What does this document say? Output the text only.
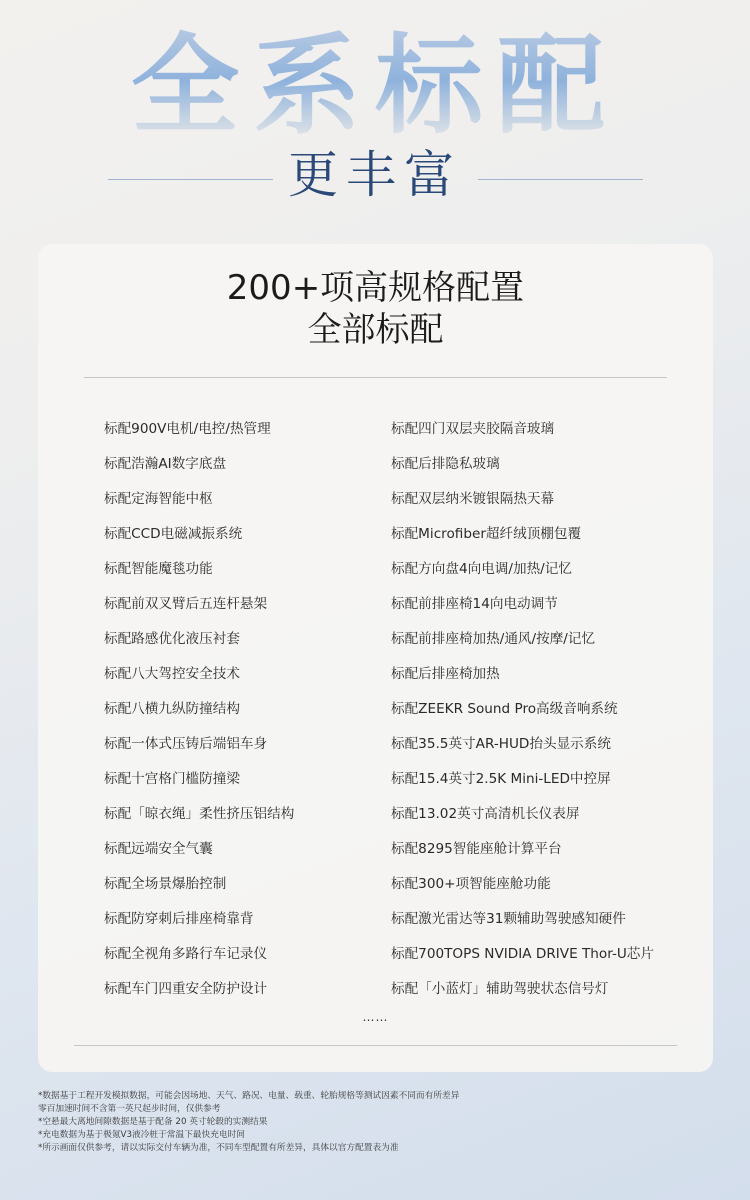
全系标配
更丰富
200+项高规格配置
全部标配
标配900V电机/电控/热管理
标配浩瀚AI数字底盘
标配定海智能中枢
标配CCD电磁减振系统
标配智能魔毯功能
标配前双叉臂后五连杆悬架
标配路感优化液压衬套
标配八大驾控安全技术
标配八横九纵防撞结构
标配一体式压铸后端铝车身
标配十宫格门槛防撞梁
标配「晾衣绳」柔性挤压铝结构
标配远端安全气囊
标配全场景爆胎控制
标配防穿刺后排座椅靠背
标配全视角多路行车记录仪
标配车门四重安全防护设计
标配四门双层夹胶隔音玻璃
标配后排隐私玻璃
标配双层纳米镀银隔热天幕
标配Microfiber超纤绒顶棚包覆
标配方向盘4向电调/加热/记忆
标配前排座椅14向电动调节
标配前排座椅加热/通风/按摩/记忆
标配后排座椅加热
标配ZEEKR Sound Pro高级音响系统
标配35.5英寸AR-HUD抬头显示系统
标配15.4英寸2.5K Mini-LED中控屏
标配13.02英寸高清机长仪表屏
标配8295智能座舱计算平台
标配300+项智能座舱功能
标配激光雷达等31颗辅助驾驶感知硬件
标配700TOPS NVIDIA DRIVE Thor-U芯片
标配「小蓝灯」辅助驾驶状态信号灯
……
*数据基于工程开发模拟数据，可能会因场地、天气、路况、电量、载重、轮胎规格等测试因素不同而有所差异
零百加速时间不含第一英尺起步时间，仅供参考
*空悬最大离地间隙数据是基于配备 20 英寸轮毂的实测结果
*充电数据为基于极氪V3液冷桩于常温下最快充电时间
*所示画面仅供参考，请以实际交付车辆为准，不同车型配置有所差异，具体以官方配置表为准
